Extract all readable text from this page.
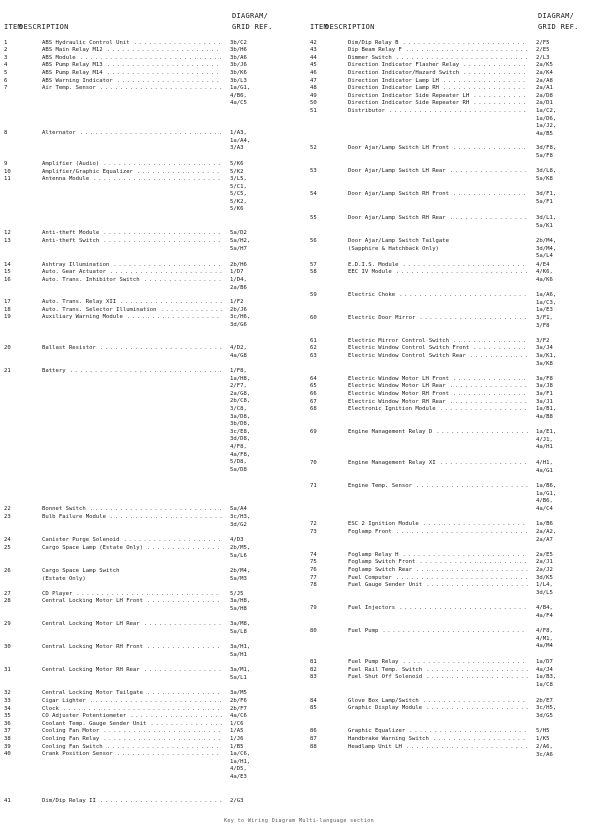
ITEM
DESCRIPTION
DIAGRAM/
GRID REF.
1	ABS Hydraulic Control Unit	3b/C2
..................
2	ABS Main Relay M12	3b/H6
.......................
3	ABS Module	3b/A6
.............................
4	ABS Pump Relay M13	3b/J6
.......................
5	ABS Pump Relay M14	3b/K6
.......................
6	ABS Warning Indicator	3b/L3
.....................
7	Air Temp. Sensor	1a/G1,
4/B6,
4a/C5
.........................
8	Alternator	1/A3,
1a/A4,
3/A3
.............................
9	Amplifier (Audio)	5/K6
........................
10	Amplifier/Graphic Equalizer	5/K2
.................
11	Antenna Module	3/L5,
5/C1,
5/C5,
5/K2,
5/K6
..........................
12	Anti-theft Module	5a/D2
........................
13	Anti-theft Switch	5a/H2,
5a/H7
........................
14	Ashtray Illumination	2b/H6
......................
15	Auto. Gear Actuator	1/D7
.......................
16	Auto. Trans. Inhibitor Switch	1/D4,
2a/B6
................
17	Auto. Trans. Relay XII	1/F2
.....................
18	Auto. Trans. Selector Illumination	2b/J6
.............
19	Auxiliary Warning Module	3c/H6,
3d/G6
...................
20	Ballast Resistor	4/D2,
4a/G8
.........................
21	Battery	1/F8,
1a/H8,
2/F7,
2a/G8,
2b/C8,
3/C8,
3a/D8,
3b/D8,
3c/E8,
3d/D8,
4/F8,
4a/F8,
5/D8,
5a/D8
...............................
22	Bonnet Switch	5a/A4
...........................
23	Bulb Failure Module	3c/H3,
3d/G2
.......................
24	Canister Purge Solenoid	4/D3
....................
25	Cargo Space Lamp (Estate Only)	2b/M5,
5a/L6
...............
26	Cargo Space Lamp Switch
(Estate Only)
2b/M4,
5a/M3
27	CD Player	5/J5
.............................
28	Central Locking Motor LH Front	3a/H8,
5a/H8
...............
29	Central Locking Motor LH Rear	3a/M8,
5a/L8
................
30	Central Locking Motor RH Front	3a/H1,
5a/H1
...............
31	Central Locking Motor RH Rear	3a/M1,
5a/L1
................
32	Central Locking Motor Tailgate	3a/M5
...............
33	Cigar Lighter	2b/F6
...........................
34	Clock	2b/F7
................................
35	CO Adjuster Potentiometer	4a/C6
...................
36	Coolant Temp. Gauge Sender Unit	1/C6
...............
37	Cooling Fan Motor	1/A5
........................
38	Cooling Fan Relay	1/J6
........................
39	Cooling Fan Switch	1/B5
.......................
40	Crank Position Sensor	1a/C6,
1a/H1,
4/D5,
4a/E3
.....................
41	Dim/Dip Relay II	2/G3
.........................
ITEM
DESCRIPTION
DIAGRAM/
GRID REF.
42	Dim/Dip Relay B	2/F5
.........................
43	Dip Beam Relay F	2/E5
.........................
44	Dimmer Switch	2/L3
...........................
45	Direction Indicator Flasher Relay	2a/K5
.............
46	Direction Indicator/Hazard Switch	2a/K4
.............
47	Direction Indicator Lamp LH	2a/A8
.................
48	Direction Indicator Lamp RH	2a/A1
.................
49	Direction Indicator Side Repeater LH	2a/D8
...........
50	Direction Indicator Side Repeater RH	2a/D1
...........
51	Distributor	1a/C2,
1a/D6,
1a/J2,
4a/B5
............................
52	Door Ajar/Lamp Switch LH Front	3d/F8,
5a/F8
...............
53	Door Ajar/Lamp Switch LH Rear	3d/L8,
5a/K8
................
54	Door Ajar/Lamp Switch RH Front	3d/F1,
5a/F1
...............
55	Door Ajar/Lamp Switch RH Rear	3d/L1,
5a/K1
................
56	Door Ajar/Lamp Switch Tailgate
(Sapphire & Hatchback Only)
2b/M4,
3d/M4,
5a/L4
57	E.D.I.S. Module	4/E4
.........................
58	EEC IV Module	4/K6,
4a/K6
...........................
59	Electric Choke	1a/A6,
1a/C3,
1a/E3
..........................
60	Electric Door Mirror	3/F1,
3/F8
......................
61	Electric Mirror Control Switch	3/F2
...............
62	Electric Window Control Switch Front	3a/J4
...........
63	Electric Window Control Switch Rear	3a/K1,
3a/K8
............
64	Electric Window Motor LH Front	3a/F8
...............
65	Electric Window Motor LH Rear	3a/J8
................
66	Electric Window Motor RH Front	3a/F1
...............
67	Electric Window Motor RH Rear	3a/J1
................
68	Electronic Ignition Module	1a/B1,
4a/B8
..................
69	Engine Management Relay D	1a/E1,
4/J1,
4a/H1
...................
70	Engine Management Relay XI	4/H1,
4a/G1
..................
71	Engine Temp. Sensor	1a/B6,
1a/G1,
4/B6,
4a/C4
.......................
72	ESC 2 Ignition Module	1a/B6
.....................
73	Foglamp Front	2a/A2,
2a/A7
...........................
74	Foglamp Relay H	2a/E5
.........................
75	Foglamp Switch Front	2a/J1
......................
76	Foglamp Switch Rear	2a/J2
.......................
77	Fuel Computer	3d/K5
...........................
78	Fuel Gauge Sender Unit	1/L4,
3d/L5
.....................
79	Fuel Injectors	4/B4,
4a/F4
..........................
80	Fuel Pump	4/F8,
4/M1,
4a/M4
.............................
81	Fuel Pump Relay	1a/D7
.........................
82	Fuel Rail Temp. Switch	4a/J4
.....................
83	Fuel Shut Off Solenoid	1a/B3,
1a/C8
.....................
84	Glove Box Lamp/Switch	2b/E7
.....................
85	Graphic Display Module	3c/H5,
3d/G5
.....................
86	Graphic Equalizer	5/H5
........................
87	Handbrake Warning Switch	1/K5
...................
88	Headlamp Unit LH	2/A6,
3c/A6
.........................
Key to Wiring Diagram Multi-language section
